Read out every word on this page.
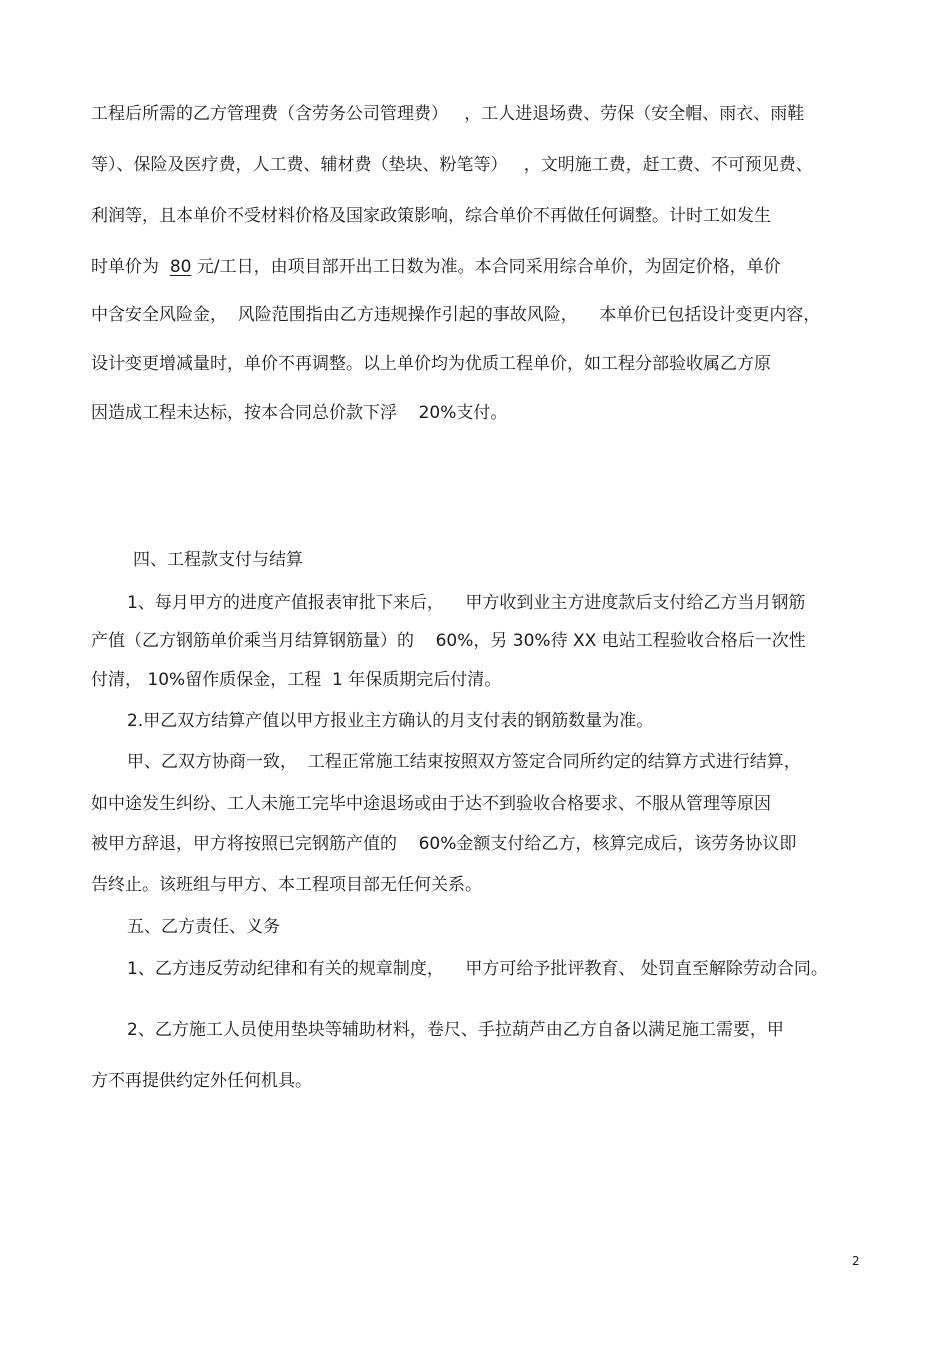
工程后所需的乙方管理费（含劳务公司管理费）   ，工人进退场费、劳保（安全帽、雨衣、雨鞋
等）、保险及医疗费，人工费、辅材费（垫块、粉笔等）   ，文明施工费，赶工费、不可预见费、
利润等，且本单价不受材料价格及国家政策影响，综合单价不再做任何调整。计时工如发生
时单价为  80 元/工日，由项目部开出工日数为准。本合同采用综合单价，为固定价格，单价
中含安全风险金，  风险范围指由乙方违规操作引起的事故风险，    本单价已包括设计变更内容，
设计变更增减量时，单价不再调整。以上单价均为优质工程单价，如工程分部验收属乙方原
因造成工程未达标，按本合同总价款下浮    20%支付。
四、工程款支付与结算
1、每月甲方的进度产值报表审批下来后，    甲方收到业主方进度款后支付给乙方当月钢筋
产值（乙方钢筋单价乘当月结算钢筋量）的    60%，另 30%待 XX 电站工程验收合格后一次性
付清， 10%留作质保金，工程  1 年保质期完后付清。
2.甲乙双方结算产值以甲方报业主方确认的月支付表的钢筋数量为准。
甲、乙双方协商一致，  工程正常施工结束按照双方签定合同所约定的结算方式进行结算，
如中途发生纠纷、工人未施工完毕中途退场或由于达不到验收合格要求、不服从管理等原因
被甲方辞退，甲方将按照已完钢筋产值的    60%金额支付给乙方，核算完成后，该劳务协议即
告终止。该班组与甲方、本工程项目部无任何关系。
五、乙方责任、义务
1、乙方违反劳动纪律和有关的规章制度，    甲方可给予批评教育、 处罚直至解除劳动合同。
2、乙方施工人员使用垫块等辅助材料，卷尺、手拉葫芦由乙方自备以满足施工需要，甲
方不再提供约定外任何机具。
2
